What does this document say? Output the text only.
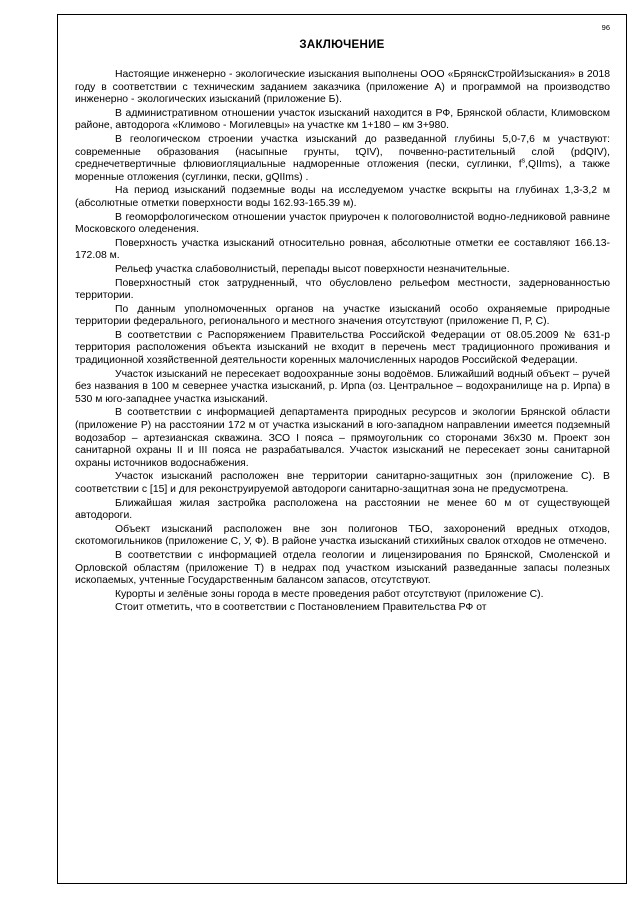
96
ЗАКЛЮЧЕНИЕ

Настоящие инженерно - экологические изыскания выполнены ООО «БрянскСтройИзыскания» в 2018 году в соответствии с техническим заданием заказчика (приложение А) и программой на производство инженерно - экологических изысканий (приложение Б).

В административном отношении участок изысканий находится в РФ, Брянской области, Климовском районе, автодорога «Климово - Могилевцы» на участке км 1+180 – км 3+980.

В геологическом строении участка изысканий до разведанной глубины 5,0-7,6 м участвуют: современные образования (насыпные грунты, tQIV), почвенно-растительный слой (pdQIV), среднечетвертичные флювиогляциальные надморенные отложения (пески, суглинки, $f^s,QIIms$), а также моренные отложения (суглинки, пески, gQIIms) .

На период изысканий подземные воды на исследуемом участке вскрыты на глубинах 1,3-3,2 м (абсолютные отметки поверхности воды 162.93-165.39 м).

В геоморфологическом отношении участок приурочен к пологоволнистой водно-ледниковой равнине Московского оледенения.

Поверхность участка изысканий относительно ровная, абсолютные отметки ее составляют 166.13-172.08 м.

Рельеф участка слабоволнистый, перепады высот поверхности незначительные.

Поверхностный сток затрудненный, что обусловлено рельефом местности, задернованностью территории.

По данным уполномоченных органов на участке изысканий особо охраняемые природные территории федерального, регионального и местного значения отсутствуют (приложение П, Р, С).

В соответствии с Распоряжением Правительства Российской Федерации от 08.05.2009 № 631-р территория расположения объекта изысканий не входит в перечень мест традиционного проживания и традиционной хозяйственной деятельности коренных малочисленных народов Российской Федерации.

Участок изысканий не пересекает водоохранные зоны водоёмов. Ближайший водный объект – ручей без названия в 100 м севернее участка изысканий, р. Ирпа (оз. Центральное – водохранилище на р. Ирпа) в 530 м юго-западнее участка изысканий.

В соответствии с информацией департамента природных ресурсов и экологии Брянской области (приложение Р) на расстоянии 172 м от участка изысканий в юго-западном направлении имеется подземный водозабор – артезианская скважина. ЗСО I пояса – прямоугольник со сторонами 36х30 м. Проект зон санитарной охраны II и III пояса не разрабатывался. Участок изысканий не пересекает зоны санитарной охраны источников водоснабжения.

Участок изысканий расположен вне территории санитарно-защитных зон (приложение С). В соответствии с [15] и для реконструируемой автодороги санитарно-защитная зона не предусмотрена.

Ближайшая жилая застройка расположена на расстоянии не менее 60 м от существующей автодороги.

Объект изысканий расположен вне зон полигонов ТБО, захоронений вредных отходов, скотомогильников (приложение С, У, Ф). В районе участка изысканий стихийных свалок отходов не отмечено.

В соответствии с информацией отдела геологии и лицензирования по Брянской, Смоленской и Орловской областям (приложение Т) в недрах под участком изысканий разведанные запасы полезных ископаемых, учтенные Государственным балансом запасов, отсутствуют.

Курорты и зелёные зоны города в месте проведения работ отсутствуют (приложение С).

Стоит отметить, что в соответствии с Постановлением Правительства РФ от
